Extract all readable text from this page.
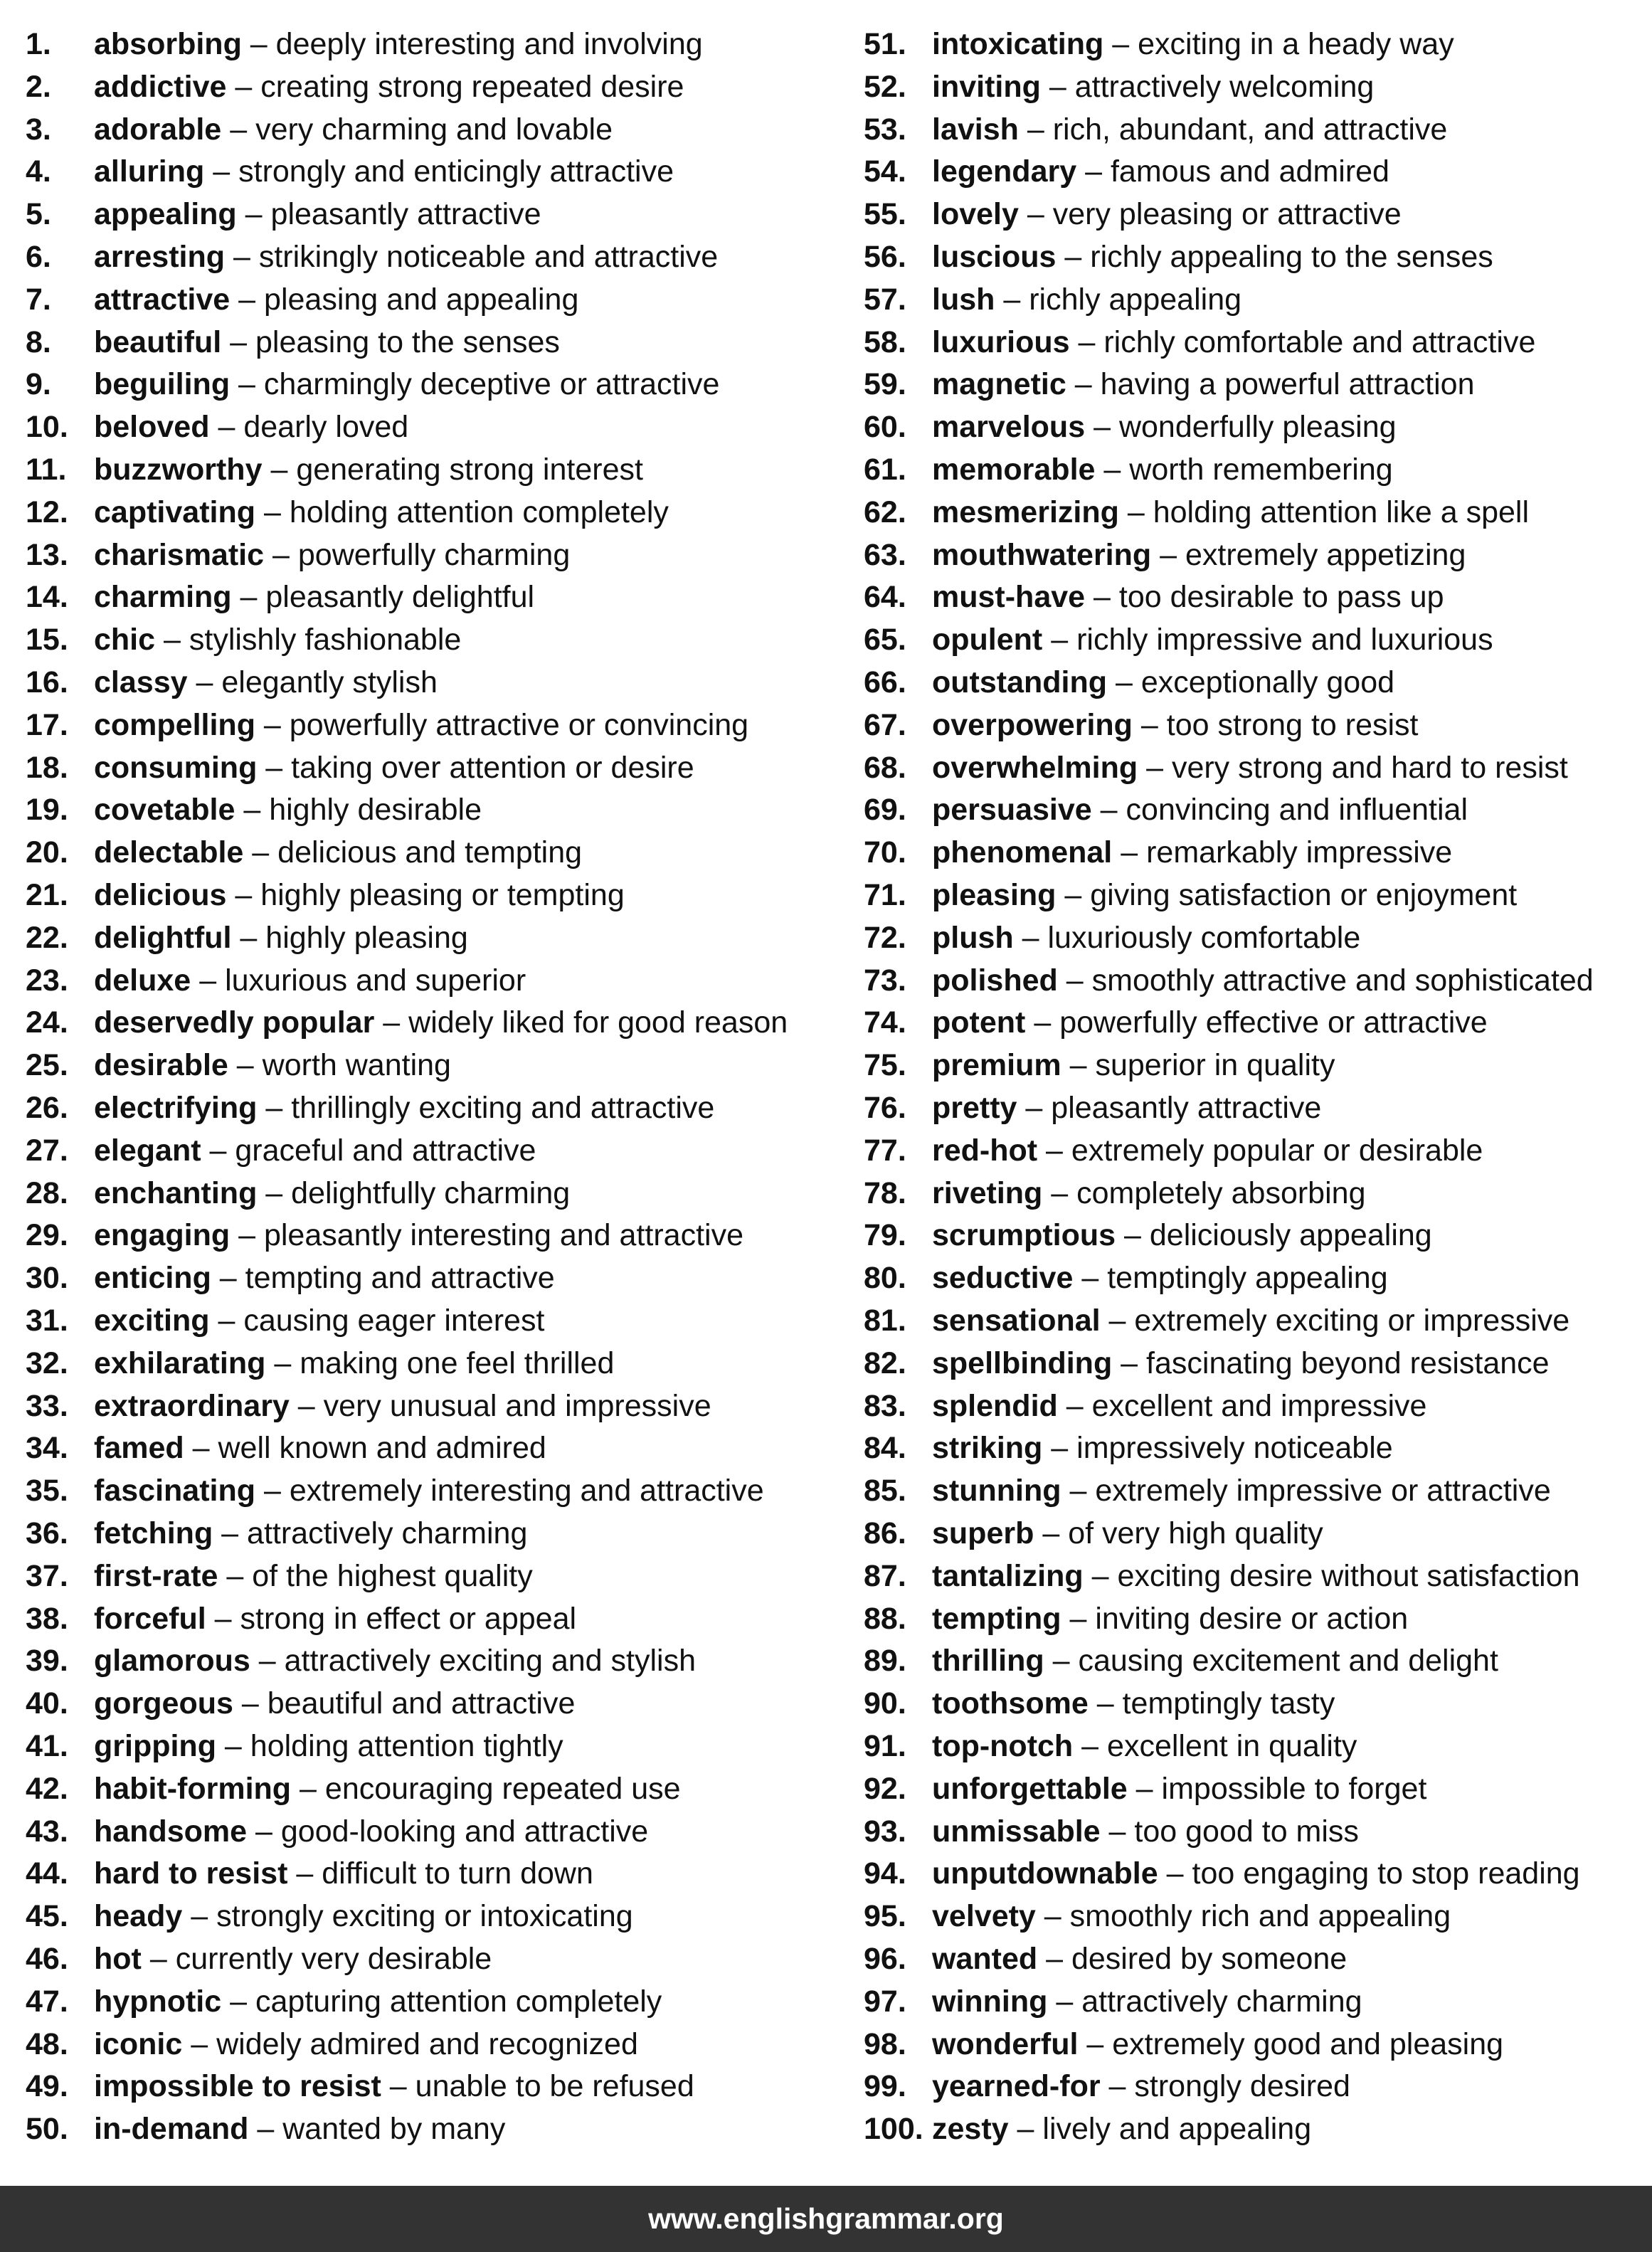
1. absorbing – deeply interesting and involving
2. addictive – creating strong repeated desire
3. adorable – very charming and lovable
4. alluring – strongly and enticingly attractive
5. appealing – pleasantly attractive
6. arresting – strikingly noticeable and attractive
7. attractive – pleasing and appealing
8. beautiful – pleasing to the senses
9. beguiling – charmingly deceptive or attractive
10. beloved – dearly loved
11. buzzworthy – generating strong interest
12. captivating – holding attention completely
13. charismatic – powerfully charming
14. charming – pleasantly delightful
15. chic – stylishly fashionable
16. classy – elegantly stylish
17. compelling – powerfully attractive or convincing
18. consuming – taking over attention or desire
19. covetable – highly desirable
20. delectable – delicious and tempting
21. delicious – highly pleasing or tempting
22. delightful – highly pleasing
23. deluxe – luxurious and superior
24. deservedly popular – widely liked for good reason
25. desirable – worth wanting
26. electrifying – thrillingly exciting and attractive
27. elegant – graceful and attractive
28. enchanting – delightfully charming
29. engaging – pleasantly interesting and attractive
30. enticing – tempting and attractive
31. exciting – causing eager interest
32. exhilarating – making one feel thrilled
33. extraordinary – very unusual and impressive
34. famed – well known and admired
35. fascinating – extremely interesting and attractive
36. fetching – attractively charming
37. first-rate – of the highest quality
38. forceful – strong in effect or appeal
39. glamorous – attractively exciting and stylish
40. gorgeous – beautiful and attractive
41. gripping – holding attention tightly
42. habit-forming – encouraging repeated use
43. handsome – good-looking and attractive
44. hard to resist – difficult to turn down
45. heady – strongly exciting or intoxicating
46. hot – currently very desirable
47. hypnotic – capturing attention completely
48. iconic – widely admired and recognized
49. impossible to resist – unable to be refused
50. in-demand – wanted by many
51. intoxicating – exciting in a heady way
52. inviting – attractively welcoming
53. lavish – rich, abundant, and attractive
54. legendary – famous and admired
55. lovely – very pleasing or attractive
56. luscious – richly appealing to the senses
57. lush – richly appealing
58. luxurious – richly comfortable and attractive
59. magnetic – having a powerful attraction
60. marvelous – wonderfully pleasing
61. memorable – worth remembering
62. mesmerizing – holding attention like a spell
63. mouthwatering – extremely appetizing
64. must-have – too desirable to pass up
65. opulent – richly impressive and luxurious
66. outstanding – exceptionally good
67. overpowering – too strong to resist
68. overwhelming – very strong and hard to resist
69. persuasive – convincing and influential
70. phenomenal – remarkably impressive
71. pleasing – giving satisfaction or enjoyment
72. plush – luxuriously comfortable
73. polished – smoothly attractive and sophisticated
74. potent – powerfully effective or attractive
75. premium – superior in quality
76. pretty – pleasantly attractive
77. red-hot – extremely popular or desirable
78. riveting – completely absorbing
79. scrumptious – deliciously appealing
80. seductive – temptingly appealing
81. sensational – extremely exciting or impressive
82. spellbinding – fascinating beyond resistance
83. splendid – excellent and impressive
84. striking – impressively noticeable
85. stunning – extremely impressive or attractive
86. superb – of very high quality
87. tantalizing – exciting desire without satisfaction
88. tempting – inviting desire or action
89. thrilling – causing excitement and delight
90. toothsome – temptingly tasty
91. top-notch – excellent in quality
92. unforgettable – impossible to forget
93. unmissable – too good to miss
94. unputdownable – too engaging to stop reading
95. velvety – smoothly rich and appealing
96. wanted – desired by someone
97. winning – attractively charming
98. wonderful – extremely good and pleasing
99. yearned-for – strongly desired
100. zesty – lively and appealing
www.englishgrammar.org
